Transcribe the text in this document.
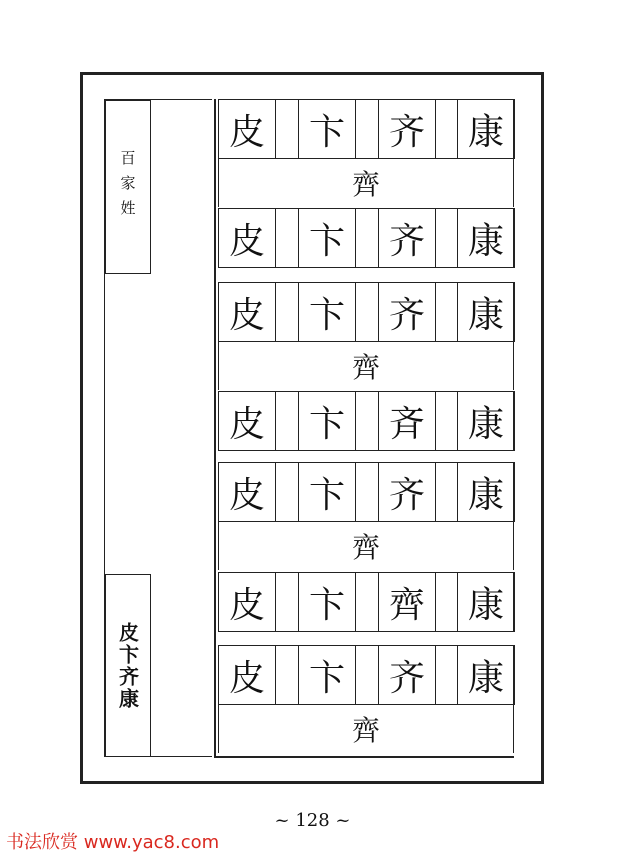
百家姓
皮卞齐康
皮	卞	齐	康
齊
皮	卞	齐	康
皮	卞	齐	康
齊
皮	卞	斉	康
皮	卞	齐	康
齊
皮	卞	齊	康
皮	卞	齐	康
齊
~ 128 ~
书法欣赏 www.yac8.com
